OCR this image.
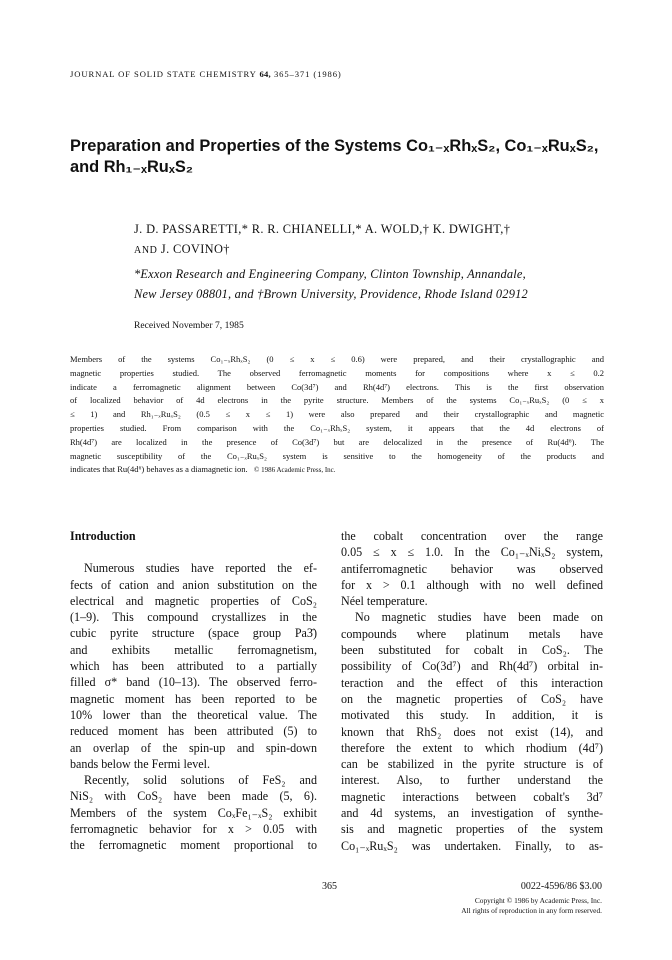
JOURNAL OF SOLID STATE CHEMISTRY 64, 365–371 (1986)
Preparation and Properties of the Systems Co₁₋ₓRhₓS₂, Co₁₋ₓRuₓS₂,
and Rh₁₋ₓRuₓS₂
J. D. PASSARETTI,* R. R. CHIANELLI,* A. WOLD,† K. DWIGHT,†
AND J. COVINO†
*Exxon Research and Engineering Company, Clinton Township, Annandale,
New Jersey 08801, and †Brown University, Providence, Rhode Island 02912
Received November 7, 1985
Members of the systems Co₁₋ₓRhₓS₂ (0 ≤ x ≤ 0.6) were prepared, and their crystallographic and
magnetic properties studied. The observed ferromagnetic moments for compositions where x ≤ 0.2
indicate a ferromagnetic alignment between Co(3d⁷) and Rh(4d⁷) electrons. This is the first observation
of localized behavior of 4d electrons in the pyrite structure. Members of the systems Co₁₋ₓRuₓS₂ (0 ≤ x
≤ 1) and Rh₁₋ₓRuₓS₂ (0.5 ≤ x ≤ 1) were also prepared and their crystallographic and magnetic
properties studied. From comparison with the Co₁₋ₓRhₓS₂ system, it appears that the 4d electrons of
Rh(4d⁷) are localized in the presence of Co(3d⁷) but are delocalized in the presence of Ru(4d⁶). The
magnetic susceptibility of the Co₁₋ₓRuₓS₂ system is sensitive to the homogeneity of the products and
indicates that Ru(4d⁶) behaves as a diamagnetic ion. © 1986 Academic Press, Inc.
Introduction
Numerous studies have reported the ef-
fects of cation and anion substitution on the
electrical and magnetic properties of CoS₂
(1–9). This compound crystallizes in the
cubic pyrite structure (space group Pa3̄)
and exhibits metallic ferromagnetism,
which has been attributed to a partially
filled σ* band (10–13). The observed ferro-
magnetic moment has been reported to be
10% lower than the theoretical value. The
reduced moment has been attributed (5) to
an overlap of the spin-up and spin-down
bands below the Fermi level.
Recently, solid solutions of FeS₂ and
NiS₂ with CoS₂ have been made (5, 6).
Members of the system CoₓFe₁₋ₓS₂ exhibit
ferromagnetic behavior for x > 0.05 with
the ferromagnetic moment proportional to
the cobalt concentration over the range
0.05 ≤ x ≤ 1.0. In the Co₁₋ₓNiₓS₂ system,
antiferromagnetic behavior was observed
for x > 0.1 although with no well defined
Néel temperature.
No magnetic studies have been made on
compounds where platinum metals have
been substituted for cobalt in CoS₂. The
possibility of Co(3d⁷) and Rh(4d⁷) orbital in-
teraction and the effect of this interaction
on the magnetic properties of CoS₂ have
motivated this study. In addition, it is
known that RhS₂ does not exist (14), and
therefore the extent to which rhodium (4d⁷)
can be stabilized in the pyrite structure is of
interest. Also, to further understand the
magnetic interactions between cobalt's 3d⁷
and 4d systems, an investigation of synthe-
sis and magnetic properties of the system
Co₁₋ₓRuₓS₂ was undertaken. Finally, to as-
365	0022-4596/86 $3.00
Copyright © 1986 by Academic Press, Inc.
All rights of reproduction in any form reserved.
